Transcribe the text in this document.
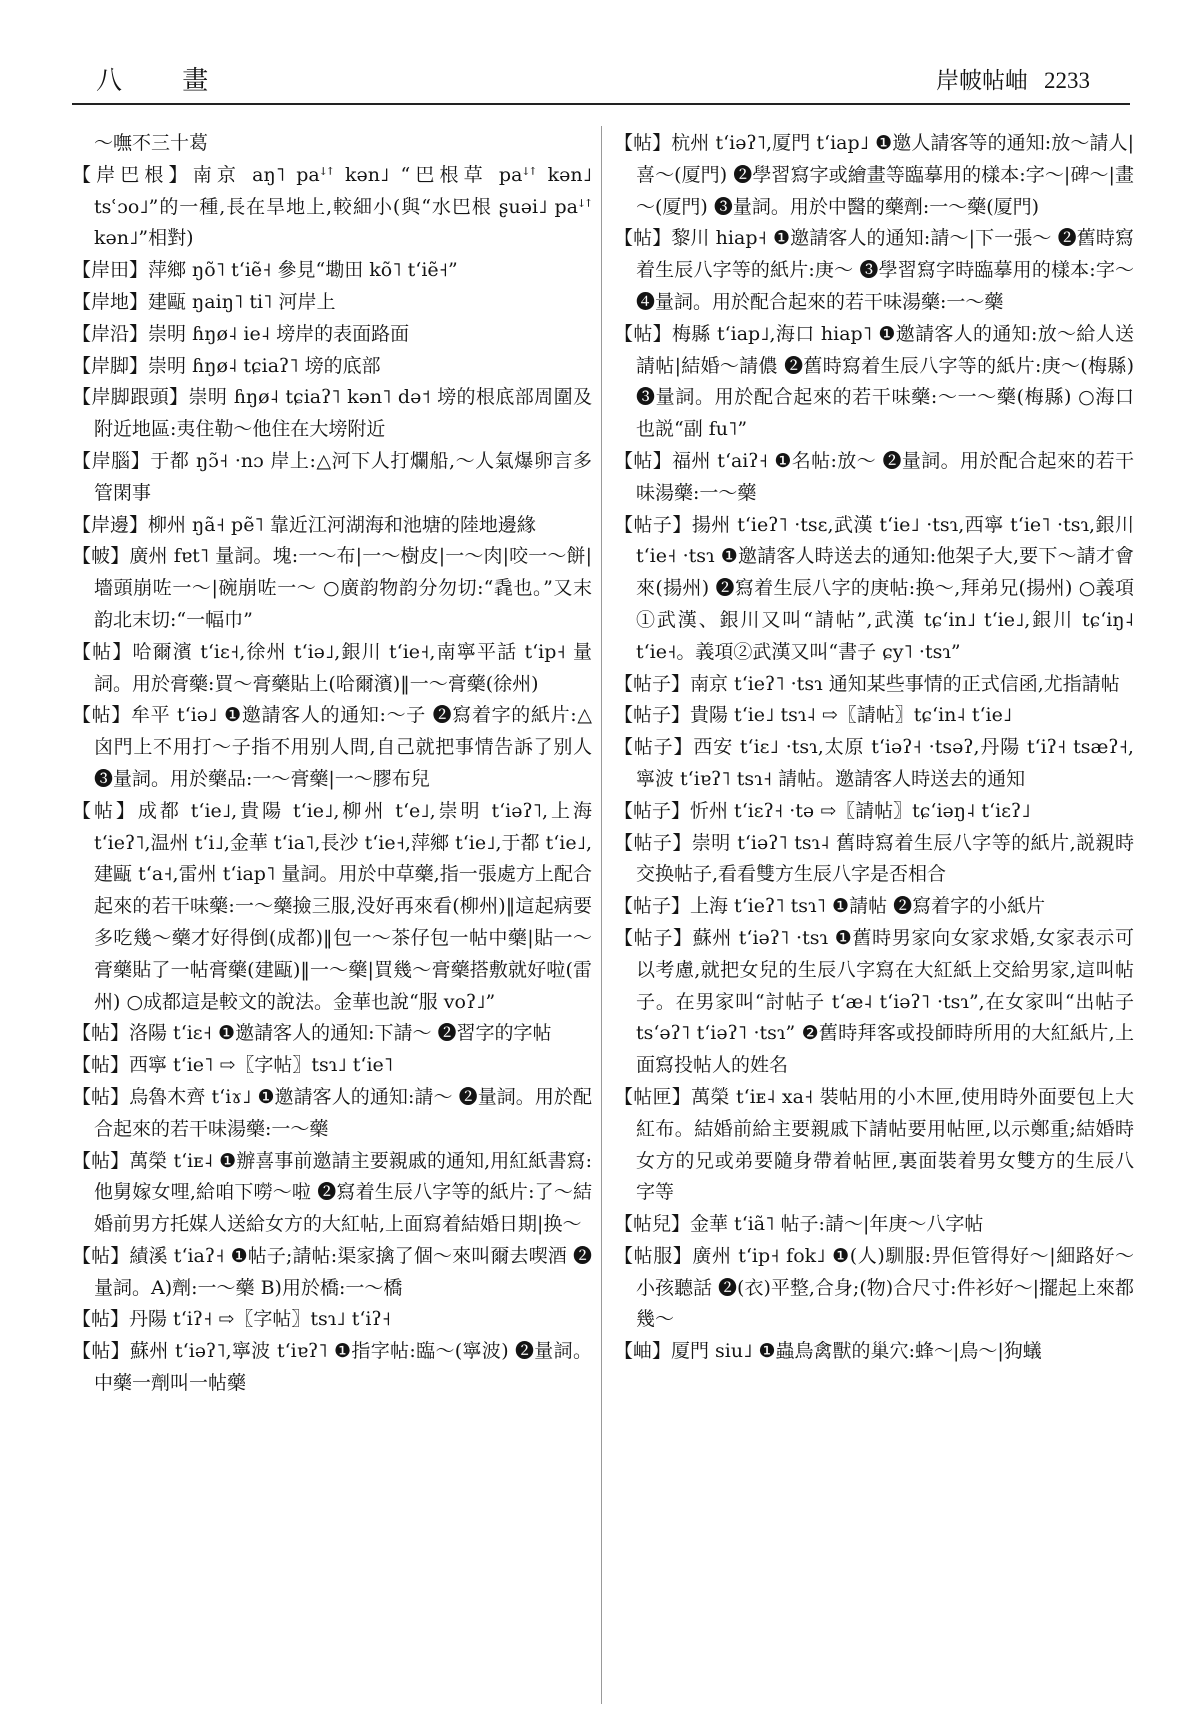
八 畫	岸帔帖岫 2233

～嘸不三十葛

【岸巴根】南京 aŋ˥ paꜜꜛ kən˩ “巴根草 paꜜꜛ kən˩ tsʿɔo˩”的一種,長在旱地上,較細小(與“水巴根 ʂuəi˩ paꜜꜛ kən˩”相對)

【岸田】萍鄉 ŋõ˥ tʻiẽ˧ 參見“墈田 kõ˥ tʻiẽ˧”

【岸地】建甌 ŋaiŋ˥ ti˥ 河岸上

【岸沿】崇明 ɦŋø˨ ie˨ 塝岸的表面路面

【岸脚】崇明 ɦŋø˨ tɕiaʔ˥ 塝的底部

【岸脚跟頭】崇明 ɦŋø˨ tɕiaʔ˥ kən˥ də˦ 塝的根底部周圍及附近地區:夷住勒～他住在大塝附近

【岸腦】于都 ŋɔ̃˧ ·nɔ 岸上:△河下人打爛船,～人氣爆卵言多管閑事

【岸邊】柳州 ŋã˧ pẽ˥ 靠近江河湖海和池塘的陸地邊緣

【帔】廣州 fɐt˥ 量詞。塊:一～布|一～樹皮|一～肉|咬一～餅|墻頭崩咗一～|碗崩咗一～ ○廣韵物韵分勿切:“毳也。”又末韵北末切:“一幅巾”

【帖】哈爾濱 tʻiɛ˧,徐州 tʻiə˩,銀川 tʻie˧,南寧平話 tʻip˧ 量詞。用於膏藥:買～膏藥貼上(哈爾濱)‖一～膏藥(徐州)

【帖】牟平 tʻiə˩ ❶邀請客人的通知:～子 ❷寫着字的紙片:△囟門上不用打～子指不用别人問,自己就把事情告訴了别人 ❸量詞。用於藥品:一～膏藥|一～膠布兒

【帖】成都 tʻie˩,貴陽 tʻie˩,柳州 tʻe˩,崇明 tʻiəʔ˥,上海 tʻieʔ˥,温州 tʻi˩,金華 tʻia˥,長沙 tʻie˧,萍鄉 tʻie˩,于都 tʻie˩,建甌 tʻa˧,雷州 tʻiap˥ 量詞。用於中草藥,指一張處方上配合起來的若干味藥:一～藥撿三服,没好再來看(柳州)‖這起病要多吃幾～藥才好得倒(成都)‖包一～茶仔包一帖中藥|貼一～膏藥貼了一帖膏藥(建甌)‖一～藥|買幾～膏藥搭敷就好啦(雷州) ○成都這是較文的說法。金華也說“服 voʔ˩”

【帖】洛陽 tʻiɛ˧ ❶邀請客人的通知:下請～ ❷習字的字帖

【帖】西寧 tʻie˥ ⇨〖字帖〗tsɿ˩ tʻie˥

【帖】烏魯木齊 tʻiɤ˩ ❶邀請客人的通知:請～ ❷量詞。用於配合起來的若干味湯藥:一～藥

【帖】萬榮 tʻiᴇ˨ ❶辦喜事前邀請主要親戚的通知,用紅紙書寫:他舅嫁女哩,給咱下嘮～啦 ❷寫着生辰八字等的紙片:了～結婚前男方托媒人送給女方的大紅帖,上面寫着結婚日期|换～

【帖】績溪 tʻiaʔ˧ ❶帖子;請帖:渠家擒了個～來叫爾去喫酒 ❷量詞。A)劑:一～藥 B)用於橋:一～橋

【帖】丹陽 tʻiʔ˧ ⇨〖字帖〗tsɿ˩ tʻiʔ˧

【帖】蘇州 tʻiəʔ˥,寧波 tʻiɐʔ˥ ❶指字帖:臨～(寧波) ❷量詞。中藥一劑叫一帖藥

【帖】杭州 tʻiəʔ˥,厦門 tʻiap˩ ❶邀人請客等的通知:放～請人|喜～(厦門) ❷學習寫字或繪畫等臨摹用的樣本:字～|碑～|畫～(厦門) ❸量詞。用於中醫的藥劑:一～藥(厦門)

【帖】黎川 hiap˧ ❶邀請客人的通知:請～|下一張～ ❷舊時寫着生辰八字等的紙片:庚～ ❸學習寫字時臨摹用的樣本:字～ ❹量詞。用於配合起來的若干味湯藥:一～藥

【帖】梅縣 tʻiap˩,海口 hiap˥ ❶邀請客人的通知:放～給人送請帖|結婚～請儂 ❷舊時寫着生辰八字等的紙片:庚～(梅縣) ❸量詞。用於配合起來的若干味藥:～一～藥(梅縣) ○海口也説“副 fu˥”

【帖】福州 tʻaiʔ˧ ❶名帖:放～ ❷量詞。用於配合起來的若干味湯藥:一～藥

【帖子】揚州 tʻieʔ˥ ·tsɛ,武漢 tʻie˩ ·tsɿ,西寧 tʻie˥ ·tsɿ,銀川 tʻie˧ ·tsɿ ❶邀請客人時送去的通知:他架子大,要下～請才會來(揚州) ❷寫着生辰八字的庚帖:换～,拜弟兄(揚州) ○義項①武漢、銀川又叫“請帖”,武漢 tɕʻin˩ tʻie˩,銀川 tɕʻiŋ˨ tʻie˧。義項②武漢又叫“書子 ɕy˥ ·tsɿ”

【帖子】南京 tʻieʔ˥ ·tsɿ 通知某些事情的正式信函,尤指請帖

【帖子】貴陽 tʻie˩ tsɿ˨ ⇨〖請帖〗tɕʻin˨ tʻie˩

【帖子】西安 tʻiɛ˩ ·tsɿ,太原 tʻiəʔ˧ ·tsəʔ,丹陽 tʻiʔ˧ tsæʔ˧,寧波 tʻiɐʔ˥ tsɿ˧ 請帖。邀請客人時送去的通知

【帖子】忻州 tʻiɛʔ˧ ·tə ⇨〖請帖〗tɕʻiəŋ˨ tʻiɛʔ˩

【帖子】崇明 tʻiəʔ˥ tsɿ˨ 舊時寫着生辰八字等的紙片,説親時交换帖子,看看雙方生辰八字是否相合

【帖子】上海 tʻieʔ˥ tsɿ˥ ❶請帖 ❷寫着字的小紙片

【帖子】蘇州 tʻiəʔ˥ ·tsɿ ❶舊時男家向女家求婚,女家表示可以考慮,就把女兒的生辰八字寫在大紅紙上交給男家,這叫帖子。在男家叫“討帖子 tʻæ˨ tʻiəʔ˥ ·tsɿ”,在女家叫“出帖子 tsʻəʔ˥ tʻiəʔ˥ ·tsɿ” ❷舊時拜客或投師時所用的大紅紙片,上面寫投帖人的姓名

【帖匣】萬榮 tʻiᴇ˨ xa˧ 裝帖用的小木匣,使用時外面要包上大紅布。結婚前給主要親戚下請帖要用帖匣,以示鄭重;結婚時女方的兄或弟要隨身帶着帖匣,裏面裝着男女雙方的生辰八字等

【帖兒】金華 tʻiã˥ 帖子:請～|年庚～八字帖

【帖服】廣州 tʻip˧ fok˩ ❶(人)馴服:畀佢管得好～|細路好～小孩聽話 ❷(衣)平整,合身;(物)合尺寸:件衫好～|擺起上來都幾～

【岫】厦門 siu˩ ❶蟲鳥禽獸的巢穴:蜂～|鳥～|狗蟻
